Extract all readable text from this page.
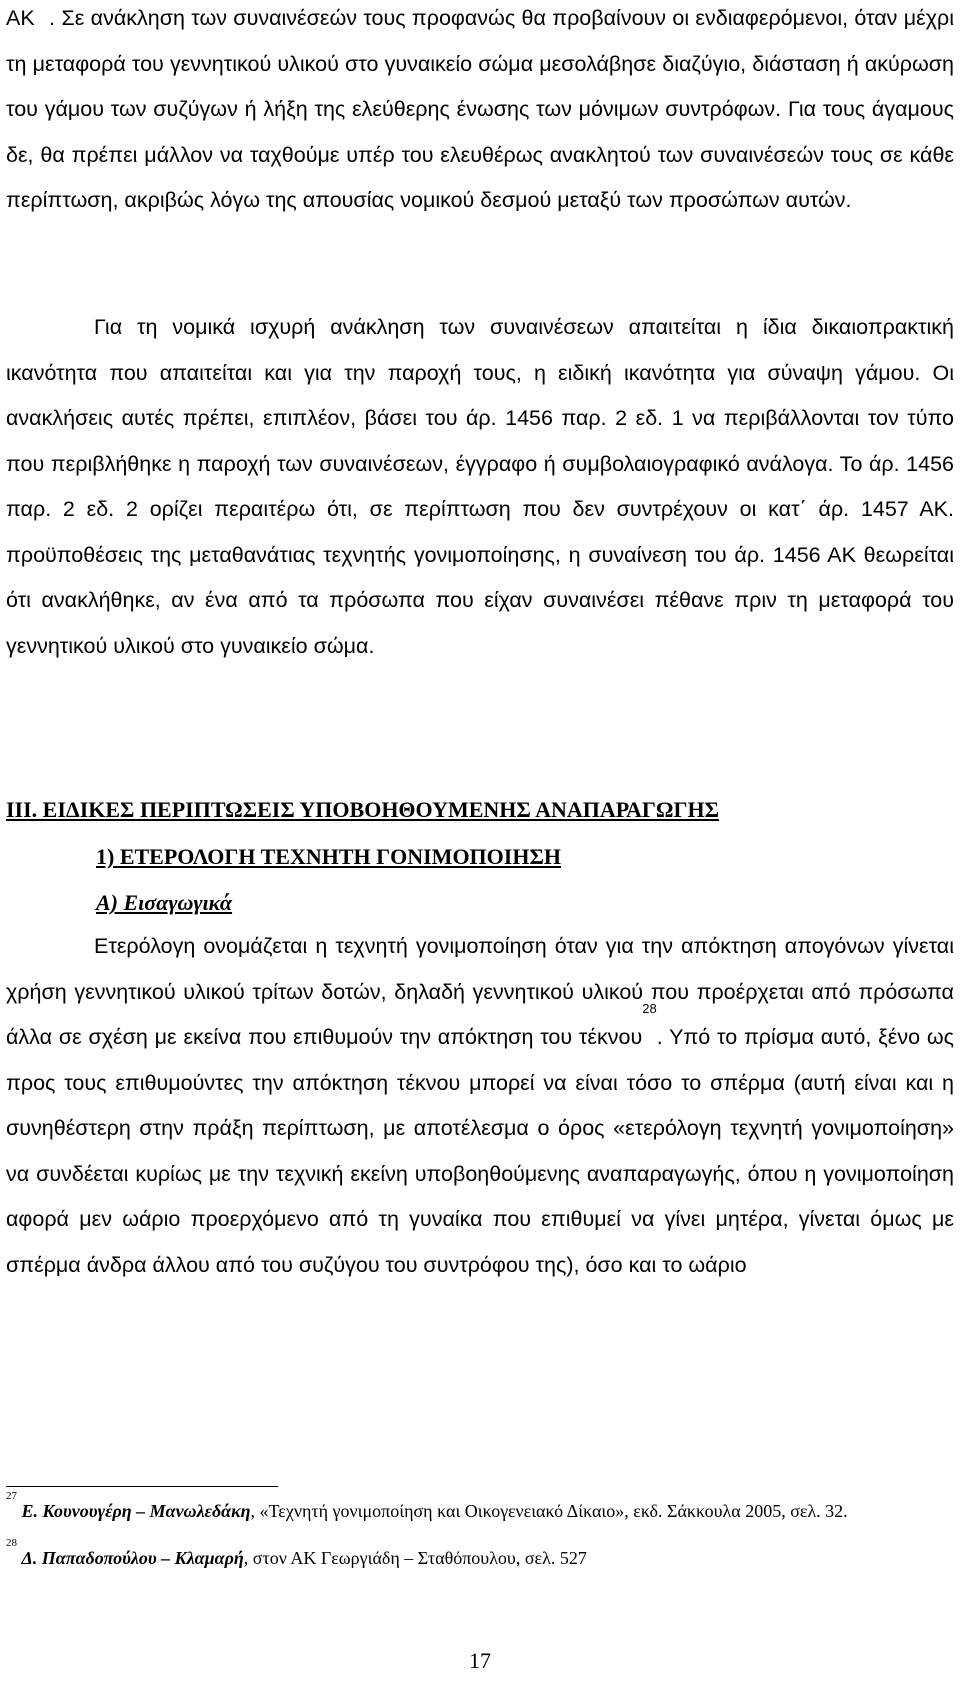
ΑΚ . Σε ανάκληση των συναινέσεών τους προφανώς θα προβαίνουν οι ενδιαφερόμενοι, όταν μέχρι τη μεταφορά του γεννητικού υλικού στο γυναικείο σώμα μεσολάβησε διαζύγιο, διάσταση ή ακύρωση του γάμου των συζύγων ή λήξη της ελεύθερης ένωσης των μόνιμων συντρόφων. Για τους άγαμους δε, θα πρέπει μάλλον να ταχθούμε υπέρ του ελευθέρως ανακλητού των συναινέσεών τους σε κάθε περίπτωση, ακριβώς λόγω της απουσίας νομικού δεσμού μεταξύ των προσώπων αυτών.

Για τη νομικά ισχυρή ανάκληση των συναινέσεων απαιτείται η ίδια δικαιοπρακτική ικανότητα που απαιτείται και για την παροχή τους, η ειδική ικανότητα για σύναψη γάμου. Οι ανακλήσεις αυτές πρέπει, επιπλέον, βάσει του άρ. 1456 παρ. 2 εδ. 1 να περιβάλλονται τον τύπο που περιβλήθηκε η παροχή των συναινέσεων, έγγραφο ή συμβολαιογραφικό ανάλογα. Το άρ. 1456 παρ. 2 εδ. 2 ορίζει περαιτέρω ότι, σε περίπτωση που δεν συντρέχουν οι κατ΄ άρ. 1457 ΑΚ. προϋποθέσεις της μεταθανάτιας τεχνητής γονιμοποίησης, η συναίνεση του άρ. 1456 ΑΚ θεωρείται ότι ανακλήθηκε, αν ένα από τα πρόσωπα που είχαν συναινέσει πέθανε πριν τη μεταφορά του γεννητικού υλικού στο γυναικείο σώμα.

ΙΙΙ. ΕΙΔΙΚΕΣ ΠΕΡΙΠΤΩΣΕΙΣ ΥΠΟΒΟΗΘΟΥΜΕΝΗΣ ΑΝΑΠΑΡΑΓΩΓΗΣ

1) ΕΤΕΡΟΛΟΓΗ ΤΕΧΝΗΤΗ ΓΟΝΙΜΟΠΟΙΗΣΗ

Α) Εισαγωγικά

Ετερόλογη ονομάζεται η τεχνητή γονιμοποίηση όταν για την απόκτηση απογόνων γίνεται χρήση γεννητικού υλικού τρίτων δοτών, δηλαδή γεννητικού υλικού που προέρχεται από πρόσωπα άλλα σε σχέση με εκείνα που επιθυμούν την απόκτηση του τέκνου$^{28}$. Υπό το πρίσμα αυτό, ξένο ως προς τους επιθυμούντες την απόκτηση τέκνου μπορεί να είναι τόσο το σπέρμα (αυτή είναι και η συνηθέστερη στην πράξη περίπτωση, με αποτέλεσμα ο όρος «ετερόλογη τεχνητή γονιμοποίηση» να συνδέεται κυρίως με την τεχνική εκείνη υποβοηθούμενης αναπαραγωγής, όπου η γονιμοποίηση αφορά μεν ωάριο προερχόμενο από τη γυναίκα που επιθυμεί να γίνει μητέρα, γίνεται όμως με σπέρμα άνδρα άλλου από του συζύγου του συντρόφου της), όσο και το ωάριο

$^{27}$ Ε. Κουνουγέρη – Μανωλεδάκη, «Τεχνητή γονιμοποίηση και Οικογενειακό Δίκαιο», εκδ. Σάκκουλα 2005, σελ. 32.

$^{28}$ Δ. Παπαδοπούλου – Κλαμαρή, στον ΑΚ Γεωργιάδη – Σταθόπουλου, σελ. 527

17
